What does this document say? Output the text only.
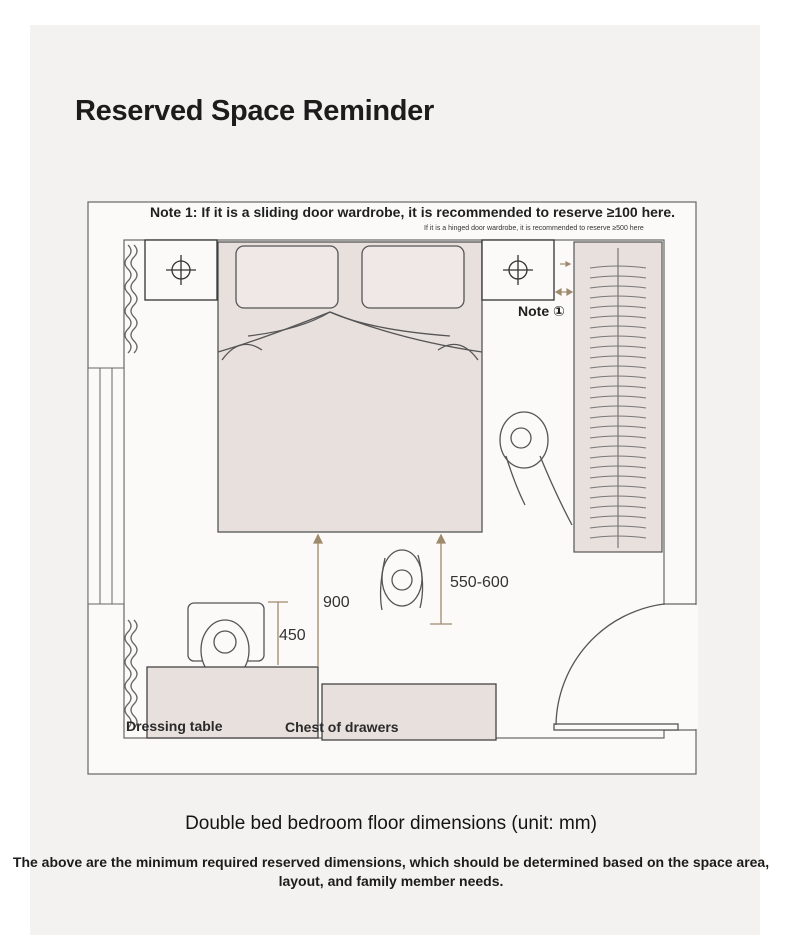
Reserved Space Reminder
Note 1: If it is a sliding door wardrobe, it is recommended to reserve ≥100 here.
If it is a hinged door wardrobe, it is recommended to reserve ≥500 here
Note ①
900
550-600
450
Dressing table	Chest of drawers
Double bed bedroom floor dimensions (unit: mm)
The above are the minimum required reserved dimensions, which should be determined based on the space area, layout, and family member needs.
